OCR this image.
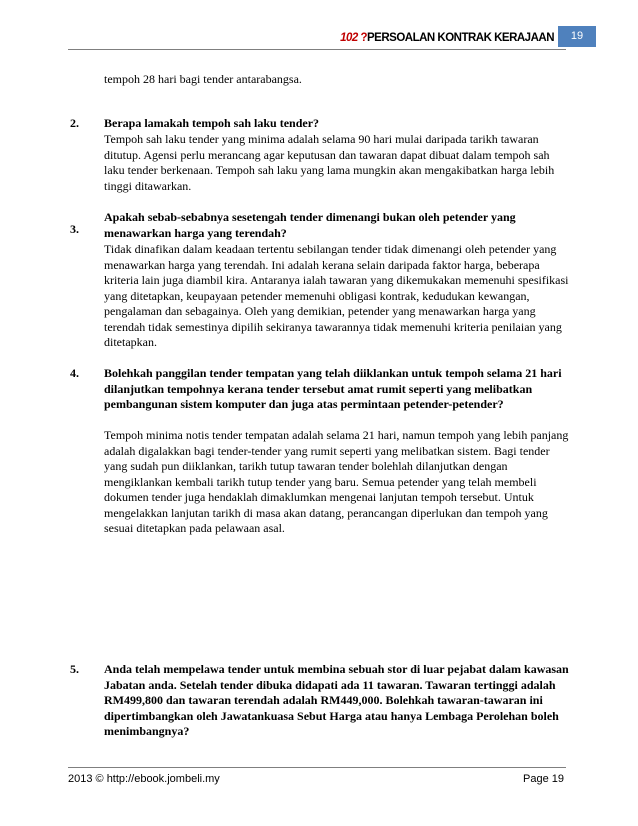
102 ?PERSOALAN KONTRAK KERAJAAN	19
tempoh 28 hari bagi tender antarabangsa.
2. Berapa lamakah tempoh sah laku tender?
Tempoh sah laku tender yang minima adalah selama 90 hari mulai daripada tarikh tawaran ditutup. Agensi perlu merancang agar keputusan dan tawaran dapat dibuat dalam tempoh sah laku tender berkenaan. Tempoh sah laku yang lama mungkin akan mengakibatkan harga lebih tinggi ditawarkan.
3.
Apakah sebab-sebabnya sesetengah tender dimenangi bukan oleh petender yang menawarkan harga yang terendah?
Tidak dinafikan dalam keadaan tertentu sebilangan tender tidak dimenangi oleh petender yang menawarkan harga yang terendah. Ini adalah kerana selain daripada faktor harga, beberapa kriteria lain juga diambil kira. Antaranya ialah tawaran yang dikemukakan memenuhi spesifikasi yang ditetapkan, keupayaan petender memenuhi obligasi kontrak, kedudukan kewangan, pengalaman dan sebagainya. Oleh yang demikian, petender yang menawarkan harga yang terendah tidak semestinya dipilih sekiranya tawarannya tidak memenuhi kriteria penilaian yang ditetapkan.
4. Bolehkah panggilan tender tempatan yang telah diiklankan untuk tempoh selama 21 hari dilanjutkan tempohnya kerana tender tersebut amat rumit seperti yang melibatkan pembangunan sistem komputer dan juga atas permintaan petender-petender?
Tempoh minima notis tender tempatan adalah selama 21 hari, namun tempoh yang lebih panjang adalah digalakkan bagi tender-tender yang rumit seperti yang melibatkan sistem. Bagi tender yang sudah pun diiklankan, tarikh tutup tawaran tender bolehlah dilanjutkan dengan mengiklankan kembali tarikh tutup tender yang baru. Semua petender yang telah membeli dokumen tender juga hendaklah dimaklumkan mengenai lanjutan tempoh tersebut. Untuk mengelakkan lanjutan tarikh di masa akan datang, perancangan diperlukan dan tempoh yang sesuai ditetapkan pada pelawaan asal.
5. Anda telah mempelawa tender untuk membina sebuah stor di luar pejabat dalam kawasan Jabatan anda. Setelah tender dibuka didapati ada 11 tawaran. Tawaran tertinggi adalah RM499,800 dan tawaran terendah adalah RM449,000. Bolehkah tawaran-tawaran ini dipertimbangkan oleh Jawatankuasa Sebut Harga atau hanya Lembaga Perolehan boleh menimbangnya?
2013 © http://ebook.jombeli.my	Page 19
